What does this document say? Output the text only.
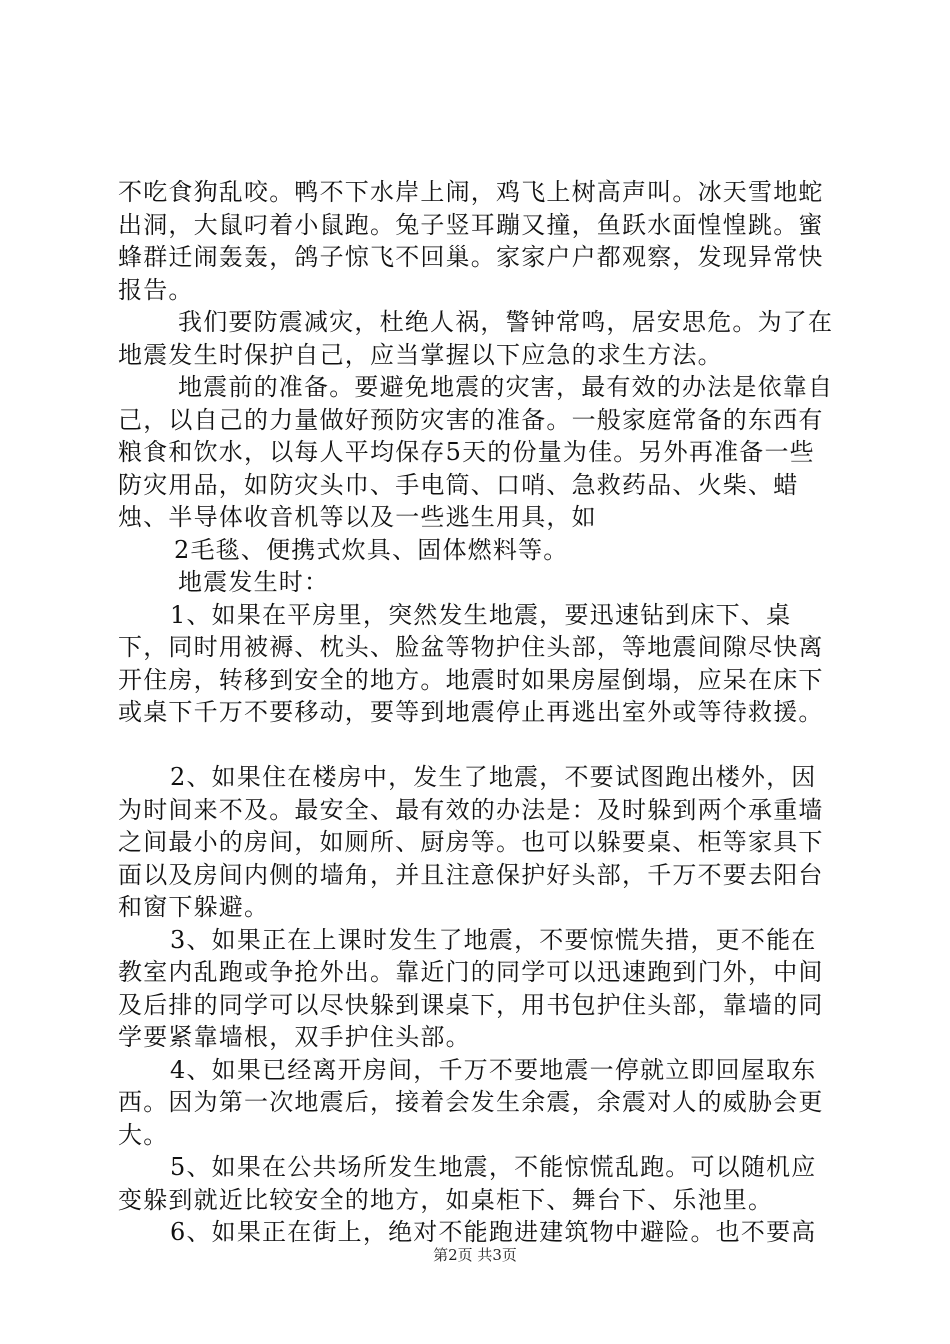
不吃食狗乱咬。鸭不下水岸上闹，鸡飞上树高声叫。冰天雪地蛇出洞，大鼠叼着小鼠跑。兔子竖耳蹦又撞，鱼跃水面惶惶跳。蜜蜂群迁闹轰轰，鸽子惊飞不回巢。家家户户都观察，发现异常快报告。

我们要防震减灾，杜绝人祸，警钟常鸣，居安思危。为了在地震发生时保护自己，应当掌握以下应急的求生方法。

地震前的准备。要避免地震的灾害，最有效的办法是依靠自己，以自己的力量做好预防灾害的准备。一般家庭常备的东西有粮食和饮水，以每人平均保存5天的份量为佳。另外再准备一些防灾用品，如防灾头巾、手电筒、口哨、急救药品、火柴、蜡烛、半导体收音机等以及一些逃生用具，如

2毛毯、便携式炊具、固体燃料等。

地震发生时：

1、如果在平房里，突然发生地震，要迅速钻到床下、桌下，同时用被褥、枕头、脸盆等物护住头部，等地震间隙尽快离开住房，转移到安全的地方。地震时如果房屋倒塌，应呆在床下或桌下千万不要移动，要等到地震停止再逃出室外或等待救援。

2、如果住在楼房中，发生了地震，不要试图跑出楼外，因为时间来不及。最安全、最有效的办法是：及时躲到两个承重墙之间最小的房间，如厕所、厨房等。也可以躲要桌、柜等家具下面以及房间内侧的墙角，并且注意保护好头部，千万不要去阳台和窗下躲避。

3、如果正在上课时发生了地震，不要惊慌失措，更不能在教室内乱跑或争抢外出。靠近门的同学可以迅速跑到门外，中间及后排的同学可以尽快躲到课桌下，用书包护住头部，靠墙的同学要紧靠墙根，双手护住头部。

4、如果已经离开房间，千万不要地震一停就立即回屋取东西。因为第一次地震后，接着会发生余震，余震对人的威胁会更大。

5、如果在公共场所发生地震，不能惊慌乱跑。可以随机应变躲到就近比较安全的地方，如桌柜下、舞台下、乐池里。

6、如果正在街上，绝对不能跑进建筑物中避险。也不要高

第2页 共3页
